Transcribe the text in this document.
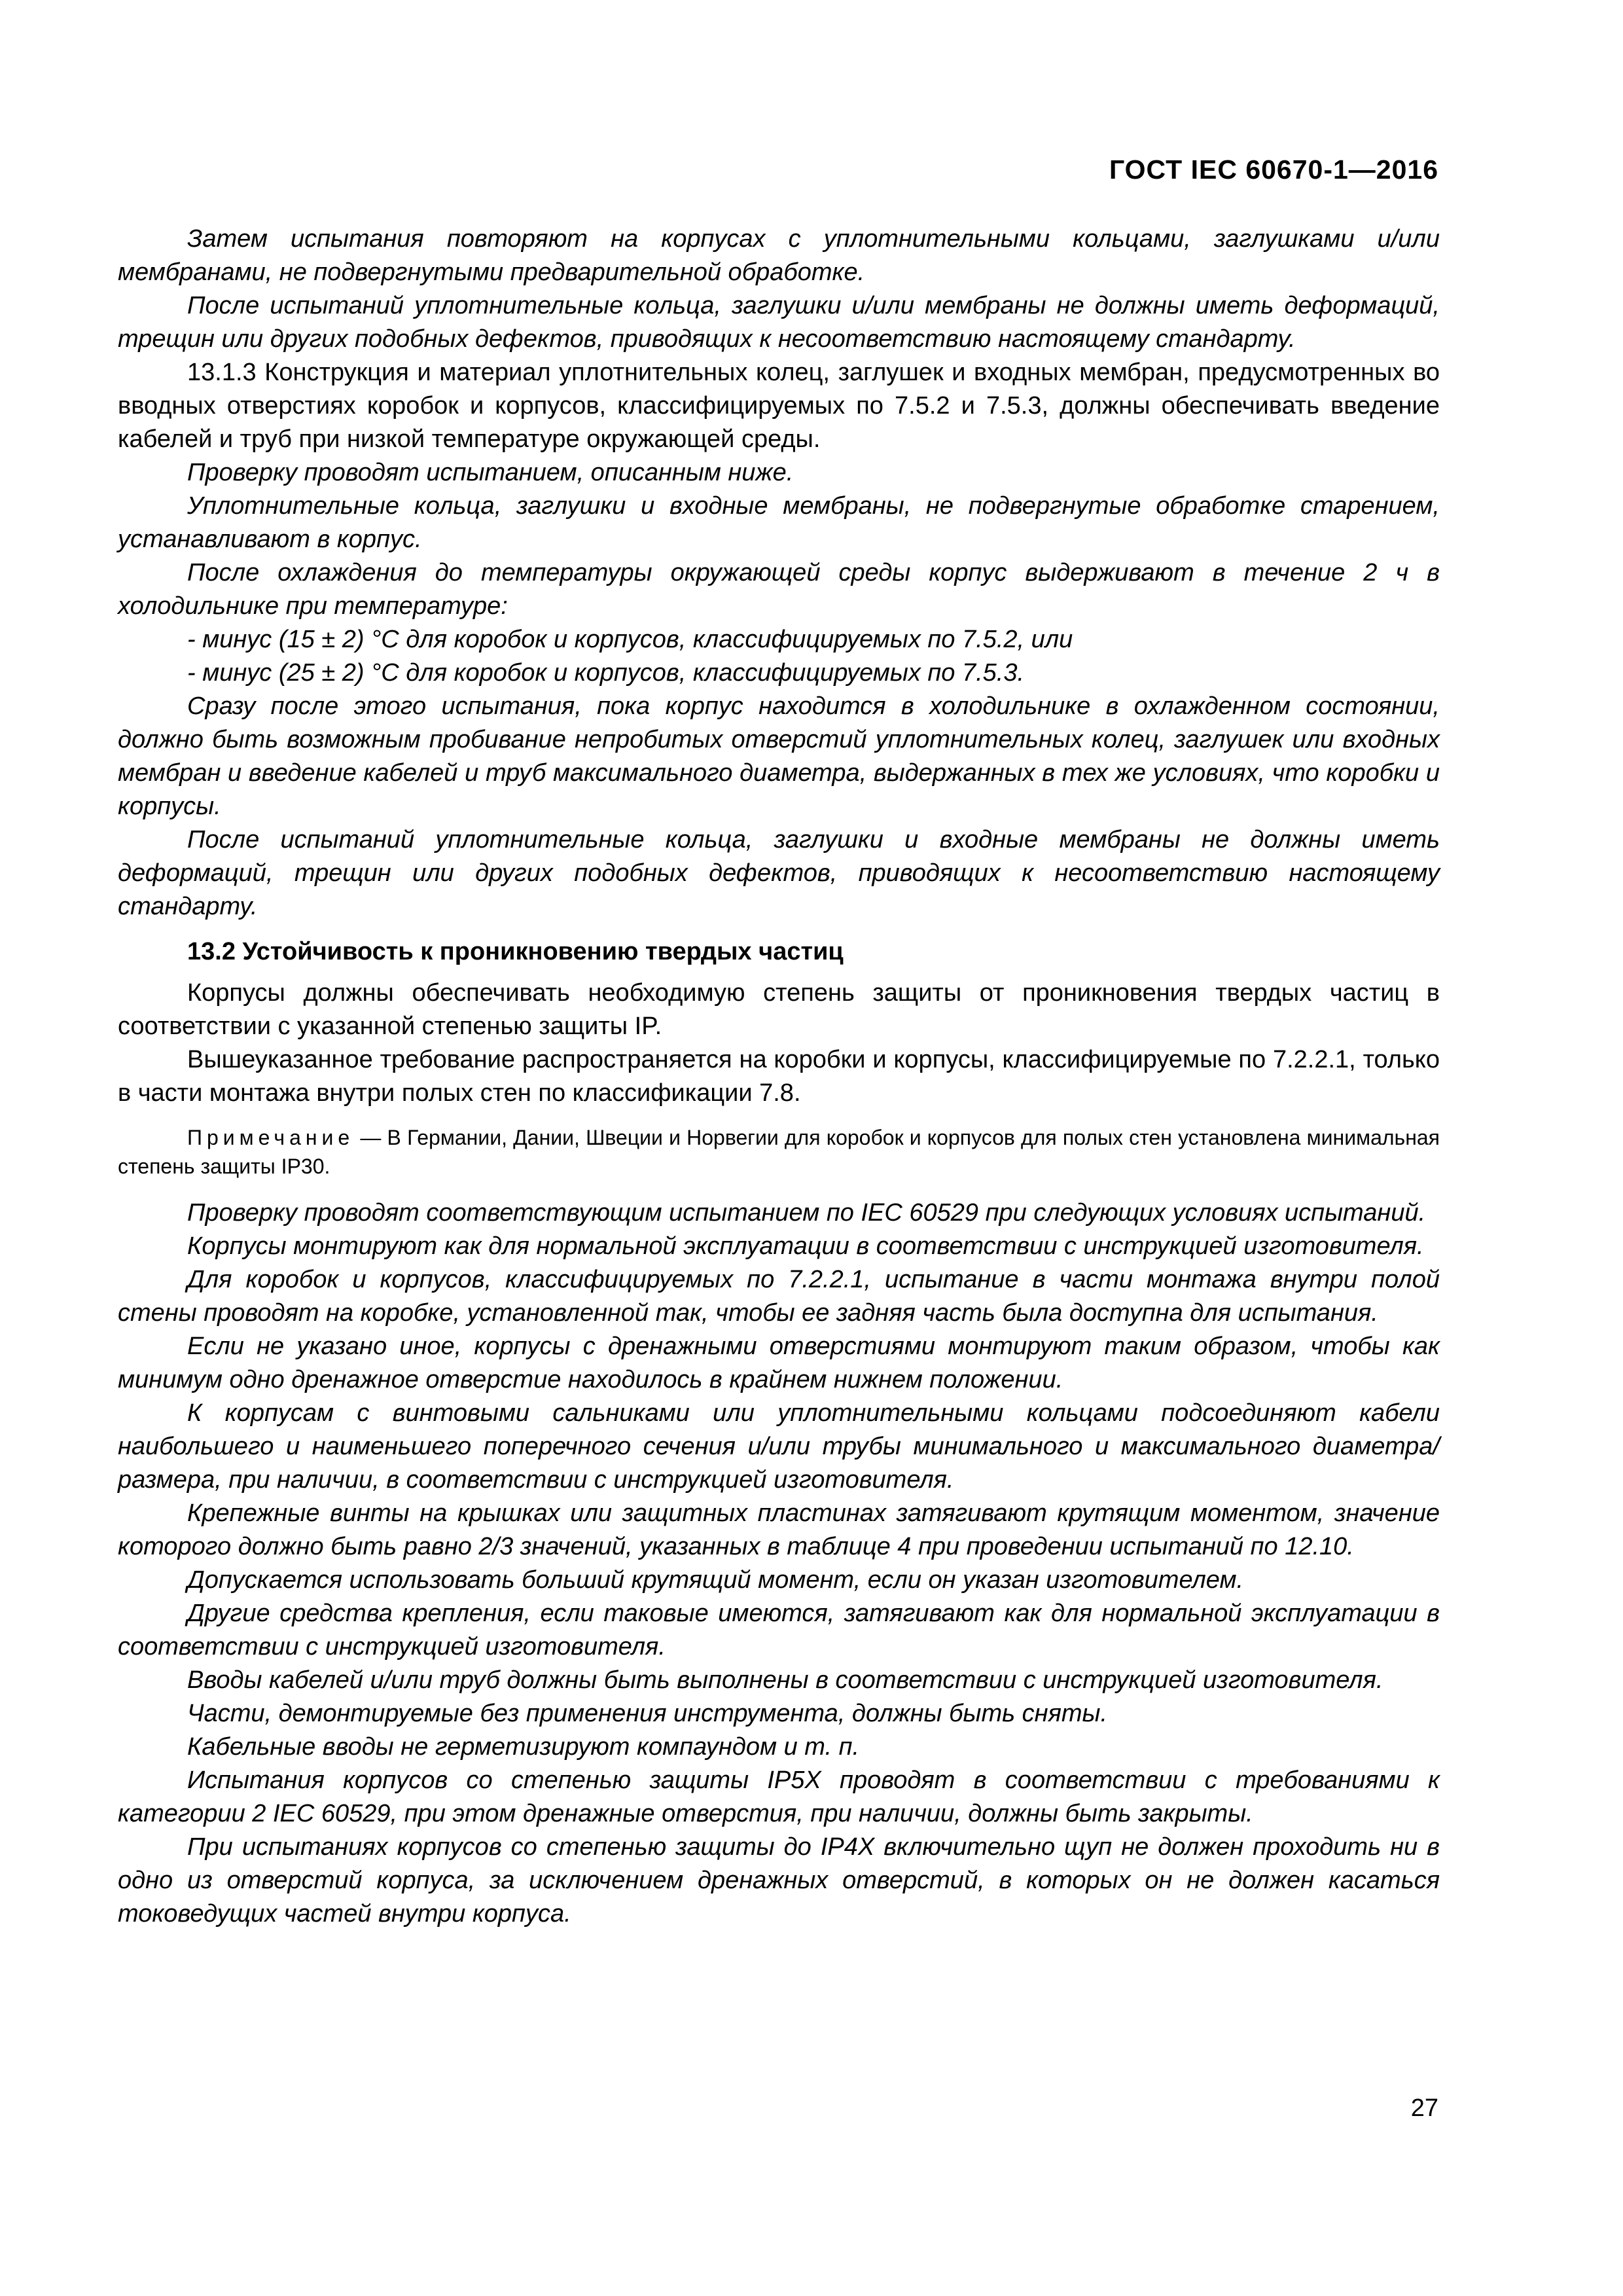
ГОСТ IEC 60670-1—2016

Затем испытания повторяют на корпусах с уплотнительными кольцами, заглушками и/или мембранами, не подвергнутыми предварительной обработке.

После испытаний уплотнительные кольца, заглушки и/или мембраны не должны иметь деформаций, трещин или других подобных дефектов, приводящих к несоответствию настоящему стандарту.

13.1.3 Конструкция и материал уплотнительных колец, заглушек и входных мембран, предусмотренных во вводных отверстиях коробок и корпусов, классифицируемых по 7.5.2 и 7.5.3, должны обеспечивать введение кабелей и труб при низкой температуре окружающей среды.

Проверку проводят испытанием, описанным ниже.

Уплотнительные кольца, заглушки и входные мембраны, не подвергнутые обработке старением, устанавливают в корпус.

После охлаждения до температуры окружающей среды корпус выдерживают в течение 2 ч в холодильнике при температуре:

- минус (15 ± 2) °С для коробок и корпусов, классифицируемых по 7.5.2, или

- минус (25 ± 2) °С для коробок и корпусов, классифицируемых по 7.5.3.

Сразу после этого испытания, пока корпус находится в холодильнике в охлажденном состоянии, должно быть возможным пробивание непробитых отверстий уплотнительных колец, заглушек или входных мембран и введение кабелей и труб максимального диаметра, выдержанных в тех же условиях, что коробки и корпусы.

После испытаний уплотнительные кольца, заглушки и входные мембраны не должны иметь деформаций, трещин или других подобных дефектов, приводящих к несоответствию настоящему стандарту.

13.2 Устойчивость к проникновению твердых частиц

Корпусы должны обеспечивать необходимую степень защиты от проникновения твердых частиц в соответствии с указанной степенью защиты IP.

Вышеуказанное требование распространяется на коробки и корпусы, классифицируемые по 7.2.2.1, только в части монтажа внутри полых стен по классификации 7.8.

Примечание — В Германии, Дании, Швеции и Норвегии для коробок и корпусов для полых стен установлена минимальная степень защиты IP30.

Проверку проводят соответствующим испытанием по IEC 60529 при следующих условиях испытаний.

Корпусы монтируют как для нормальной эксплуатации в соответствии с инструкцией изготовителя.

Для коробок и корпусов, классифицируемых по 7.2.2.1, испытание в части монтажа внутри полой стены проводят на коробке, установленной так, чтобы ее задняя часть была доступна для испытания.

Если не указано иное, корпусы с дренажными отверстиями монтируют таким образом, чтобы как минимум одно дренажное отверстие находилось в крайнем нижнем положении.

К корпусам с винтовыми сальниками или уплотнительными кольцами подсоединяют кабели наибольшего и наименьшего поперечного сечения и/или трубы минимального и максимального диаметра/размера, при наличии, в соответствии с инструкцией изготовителя.

Крепежные винты на крышках или защитных пластинах затягивают крутящим моментом, значение которого должно быть равно 2/3 значений, указанных в таблице 4 при проведении испытаний по 12.10.

Допускается использовать больший крутящий момент, если он указан изготовителем.

Другие средства крепления, если таковые имеются, затягивают как для нормальной эксплуатации в соответствии с инструкцией изготовителя.

Вводы кабелей и/или труб должны быть выполнены в соответствии с инструкцией изготовителя.

Части, демонтируемые без применения инструмента, должны быть сняты.

Кабельные вводы не герметизируют компаундом и т. п.

Испытания корпусов со степенью защиты IP5X проводят в соответствии с требованиями к категории 2 IEC 60529, при этом дренажные отверстия, при наличии, должны быть закрыты.

При испытаниях корпусов со степенью защиты до IP4X включительно щуп не должен проходить ни в одно из отверстий корпуса, за исключением дренажных отверстий, в которых он не должен касаться токоведущих частей внутри корпуса.

27
